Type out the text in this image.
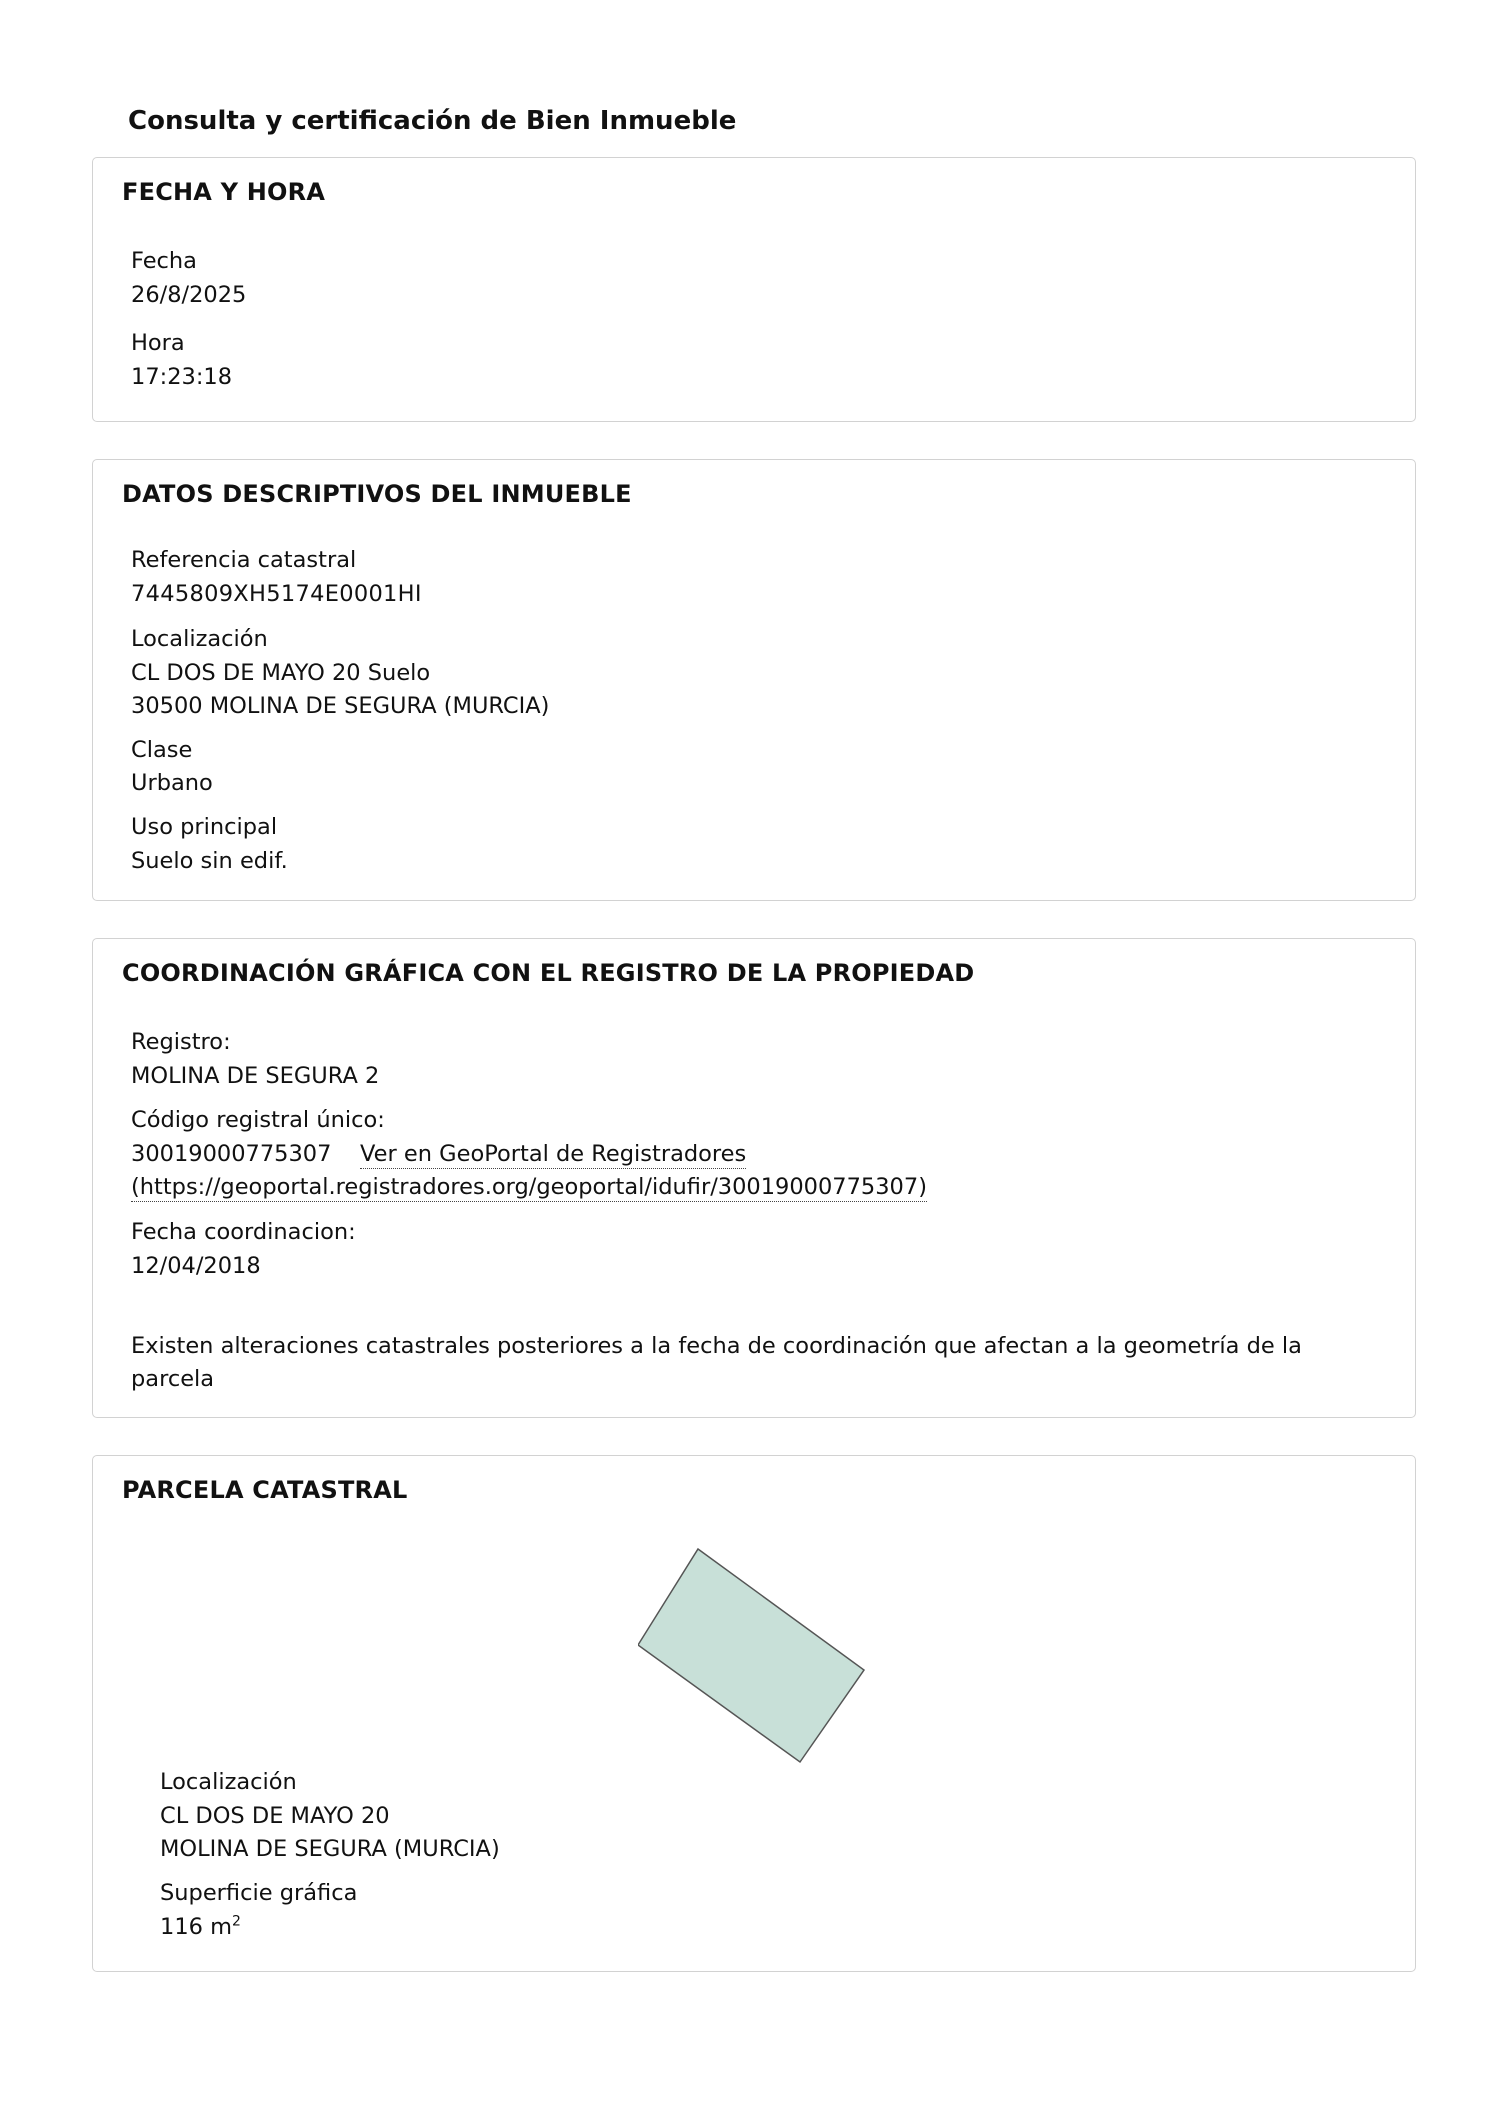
Consulta y certificación de Bien Inmueble
FECHA Y HORA

Fecha

26/8/2025

Hora

17:23:18

DATOS DESCRIPTIVOS DEL INMUEBLE

Referencia catastral

7445809XH5174E0001HI

Localización

CL DOS DE MAYO 20 Suelo

30500 MOLINA DE SEGURA (MURCIA)

Clase

Urbano

Uso principal

Suelo sin edif.

COORDINACIÓN GRÁFICA CON EL REGISTRO DE LA PROPIEDAD

Registro:

MOLINA DE SEGURA 2

Código registral único:

30019000775307 Ver en GeoPortal de Registradores

(https://geoportal.registradores.org/geoportal/idufir/30019000775307)

Fecha coordinacion:

12/04/2018

Existen alteraciones catastrales posteriores a la fecha de coordinación que afectan a la geometría de la parcela

PARCELA CATASTRAL

Localización

CL DOS DE MAYO 20

MOLINA DE SEGURA (MURCIA)

Superficie gráfica

116 $m^2$
